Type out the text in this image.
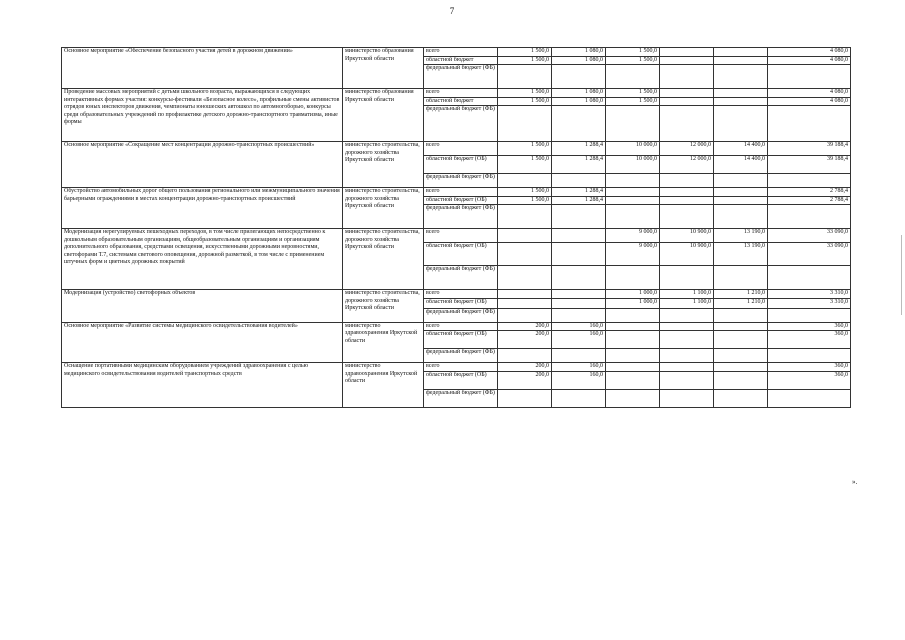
7
Основное мероприятие «Обеспечение безопасного участия детей в дорожном движении»	министерство образования Иркутской области	всего	1 500,0	1 080,0	1 500,0			4 080,0
		областной бюджет	1 500,0	1 080,0	1 500,0			4 080,0
		федеральный бюджет (ФБ)						
Проведение массовых мероприятий с детьми школьного возраста, выражающихся в следующих интерактивных формах участия: конкурсы-фестивали «Безопасное колесо», профильные смены активистов отрядов юных инспекторов движения, чемпионаты юношеских автошкол по автомногоборью, конкурсы среди образовательных учреждений по профилактике детского дорожно-транспортного травматизма, иные формы	министерство образования Иркутской области	всего	1 500,0	1 080,0	1 500,0			4 080,0
		областной бюджет	1 500,0	1 080,0	1 500,0			4 080,0
		федеральный бюджет (ФБ)						
Основное мероприятие «Сокращение мест концентрации дорожно-транспортных происшествий»	министерство строительства, дорожного хозяйства Иркутской области	всего	1 500,0	1 288,4	10 000,0	12 000,0	14 400,0	39 188,4
		областной бюджет (ОБ)	1 500,0	1 288,4	10 000,0	12 000,0	14 400,0	39 188,4
		федеральный бюджет (ФБ)						
Обустройство автомобильных дорог общего пользования регионального или межмуниципального значения барьерными ограждениями в местах концентрации дорожно-транспортных происшествий	министерство строительства, дорожного хозяйства Иркутской области	всего	1 500,0	1 288,4				2 788,4
		областной бюджет (ОБ)	1 500,0	1 288,4				2 788,4
		федеральный бюджет (ФБ)						
Модернизация нерегулируемых пешеходных переходов, в том числе прилегающих непосредственно к дошкольным образовательным организациям, общеобразовательным организациям и организациям дополнительного образования, средствами освещения, искусственными дорожными неровностями, светофорами Т.7, системами светового оповещения, дорожной разметкой, в том числе с применением штучных форм и цветных дорожных покрытий	министерство строительства, дорожного хозяйства Иркутской области	всего			9 000,0	10 900,0	13 190,0	33 090,0
		областной бюджет (ОБ)			9 000,0	10 900,0	13 190,0	33 090,0
		федеральный бюджет (ФБ)						
Модернизация (устройство) светофорных объектов	министерство строительства, дорожного хозяйства Иркутской области	всего			1 000,0	1 100,0	1 210,0	3 310,0
		областной бюджет (ОБ)			1 000,0	1 100,0	1 210,0	3 310,0
		федеральный бюджет (ФБ)						
Основное мероприятие «Развитие системы медицинского освидетельствования водителей»	министерство здравоохранения Иркутской области	всего	200,0	160,0				360,0
		областной бюджет (ОБ)	200,0	160,0				360,0
		федеральный бюджет (ФБ)						
Оснащение портативными медицинским оборудованием учреждений здравоохранения с целью медицинского освидетельствования водителей транспортных средств	министерство здравоохранения Иркутской области	всего	200,0	160,0				360,0
		областной бюджет (ОБ)	200,0	160,0				360,0
		федеральный бюджет (ФБ)						
».
